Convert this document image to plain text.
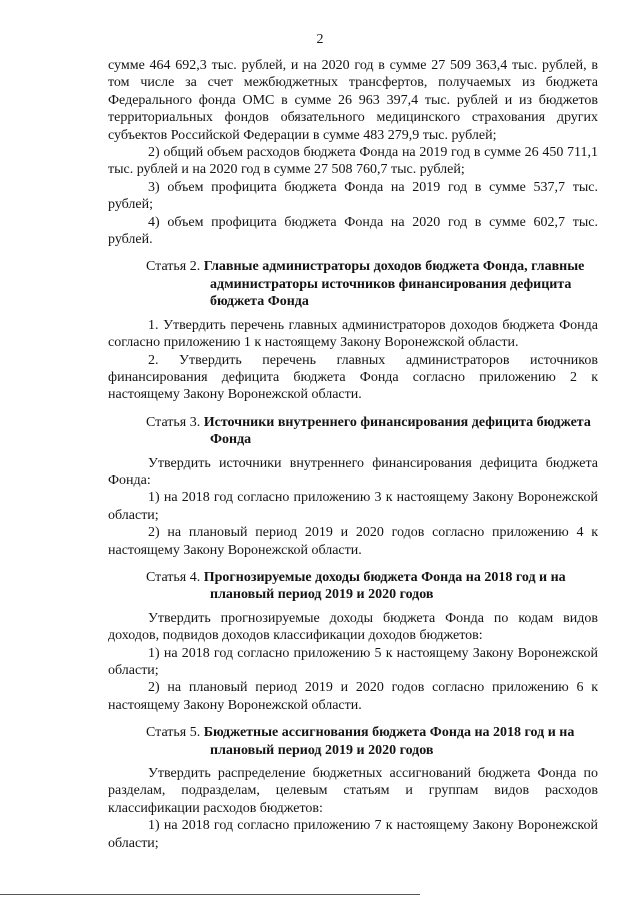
2

сумме 464 692,3 тыс. рублей, и на 2020 год в сумме 27 509 363,4 тыс. рублей, в том числе за счет межбюджетных трансфертов, получаемых из бюджета Федерального фонда ОМС в сумме 26 963 397,4 тыс. рублей и из бюджетов территориальных фондов обязательного медицинского страхования других субъектов Российской Федерации в сумме 483 279,9 тыс. рублей;

2) общий объем расходов бюджета Фонда на 2019 год в сумме 26 450 711,1 тыс. рублей и на 2020 год в сумме 27 508 760,7 тыс. рублей;

3) объем профицита бюджета Фонда на 2019 год в сумме 537,7 тыс. рублей;

4) объем профицита бюджета Фонда на 2020 год в сумме 602,7 тыс. рублей.

Статья 2. Главные администраторы доходов бюджета Фонда, главные администраторы источников финансирования дефицита бюджета Фонда

1. Утвердить перечень главных администраторов доходов бюджета Фонда согласно приложению 1 к настоящему Закону Воронежской области.

2. Утвердить перечень главных администраторов источников финансирования дефицита бюджета Фонда согласно приложению 2 к настоящему Закону Воронежской области.

Статья 3. Источники внутреннего финансирования дефицита бюджета Фонда

Утвердить источники внутреннего финансирования дефицита бюджета Фонда:

1) на 2018 год согласно приложению 3 к настоящему Закону Воронежской области;

2) на плановый период 2019 и 2020 годов согласно приложению 4 к настоящему Закону Воронежской области.

Статья 4. Прогнозируемые доходы бюджета Фонда на 2018 год и на плановый период 2019 и 2020 годов

Утвердить прогнозируемые доходы бюджета Фонда по кодам видов доходов, подвидов доходов классификации доходов бюджетов:

1) на 2018 год согласно приложению 5 к настоящему Закону Воронежской области;

2) на плановый период 2019 и 2020 годов согласно приложению 6 к настоящему Закону Воронежской области.

Статья 5. Бюджетные ассигнования бюджета Фонда на 2018 год и на плановый период 2019 и 2020 годов

Утвердить распределение бюджетных ассигнований бюджета Фонда по разделам, подразделам, целевым статьям и группам видов расходов классификации расходов бюджетов:

1) на 2018 год согласно приложению 7 к настоящему Закону Воронежской области;
